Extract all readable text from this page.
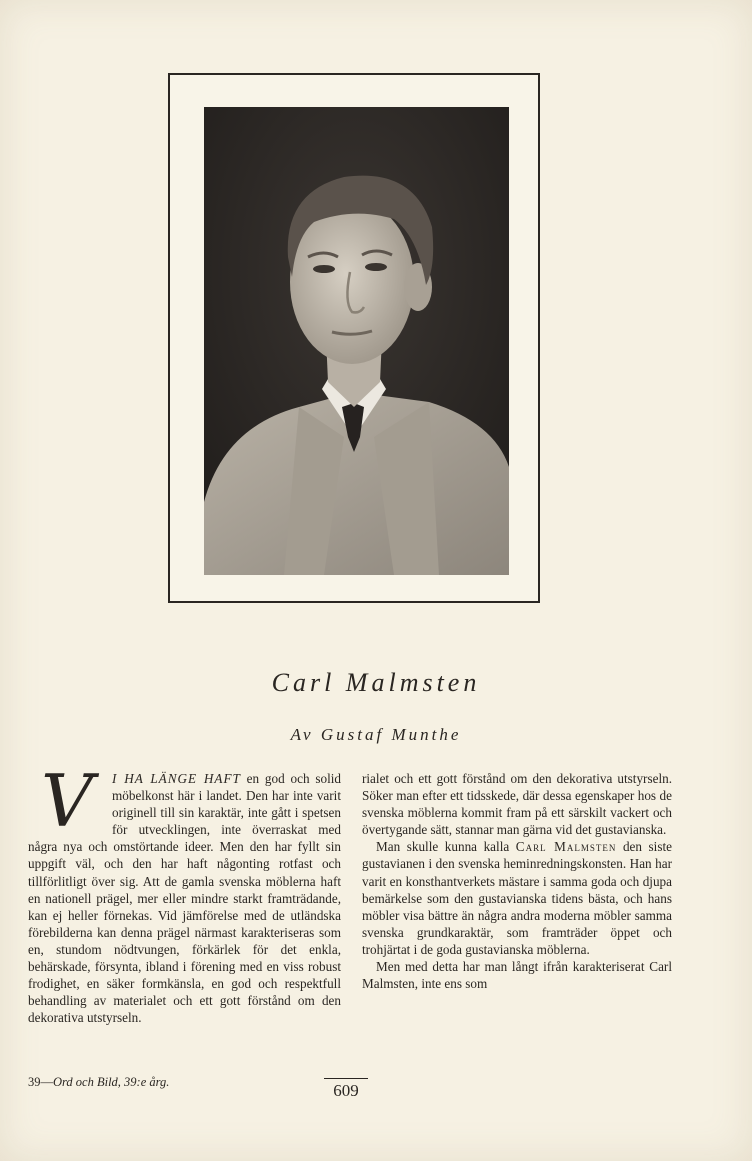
Carl Malmsten
Av Gustaf Munthe

V	I HA LÄNGE HAFT en god och solid möbelkonst här i landet. Den har inte varit originell till sin karaktär, inte gått i spetsen för utvecklingen, inte överraskat med några nya och omstörtande ideer. Men den har fyllt sin uppgift väl, och den har haft någonting rotfast och tillförlitligt över sig. Att de gamla svenska möblerna haft en nationell prägel, mer eller mindre starkt framträdande, kan ej heller förnekas. Vid jämförelse med de utländska förebilderna kan denna prägel närmast karakteriseras som en, stundom nödtvungen, förkärlek för det enkla, behärskade, försynta, ibland i förening med en viss robust frodighet, en säker formkänsla, en god och respektfull behandling av materialet och ett gott förstånd om den dekorativa utstyrseln.

rialet och ett gott förstånd om den dekorativa utstyrseln. Söker man efter ett tidsskede, där dessa egenskaper hos de svenska möblerna kommit fram på ett särskilt vackert och övertygande sätt, stannar man gärna vid det gustavianska.

Man skulle kunna kalla Carl Malmsten den siste gustavianen i den svenska heminredningskonsten. Han har varit en konsthantverkets mästare i samma goda och djupa bemärkelse som den gustavianska tidens bästa, och hans möbler visa bättre än några andra moderna möbler samma svenska grundkaraktär, som framträder öppet och trohjärtat i de goda gustavianska möblerna.

Men med detta har man långt ifrån karakteriserat Carl Malmsten, inte ens som

39—Ord och Bild, 39:e årg.	609
